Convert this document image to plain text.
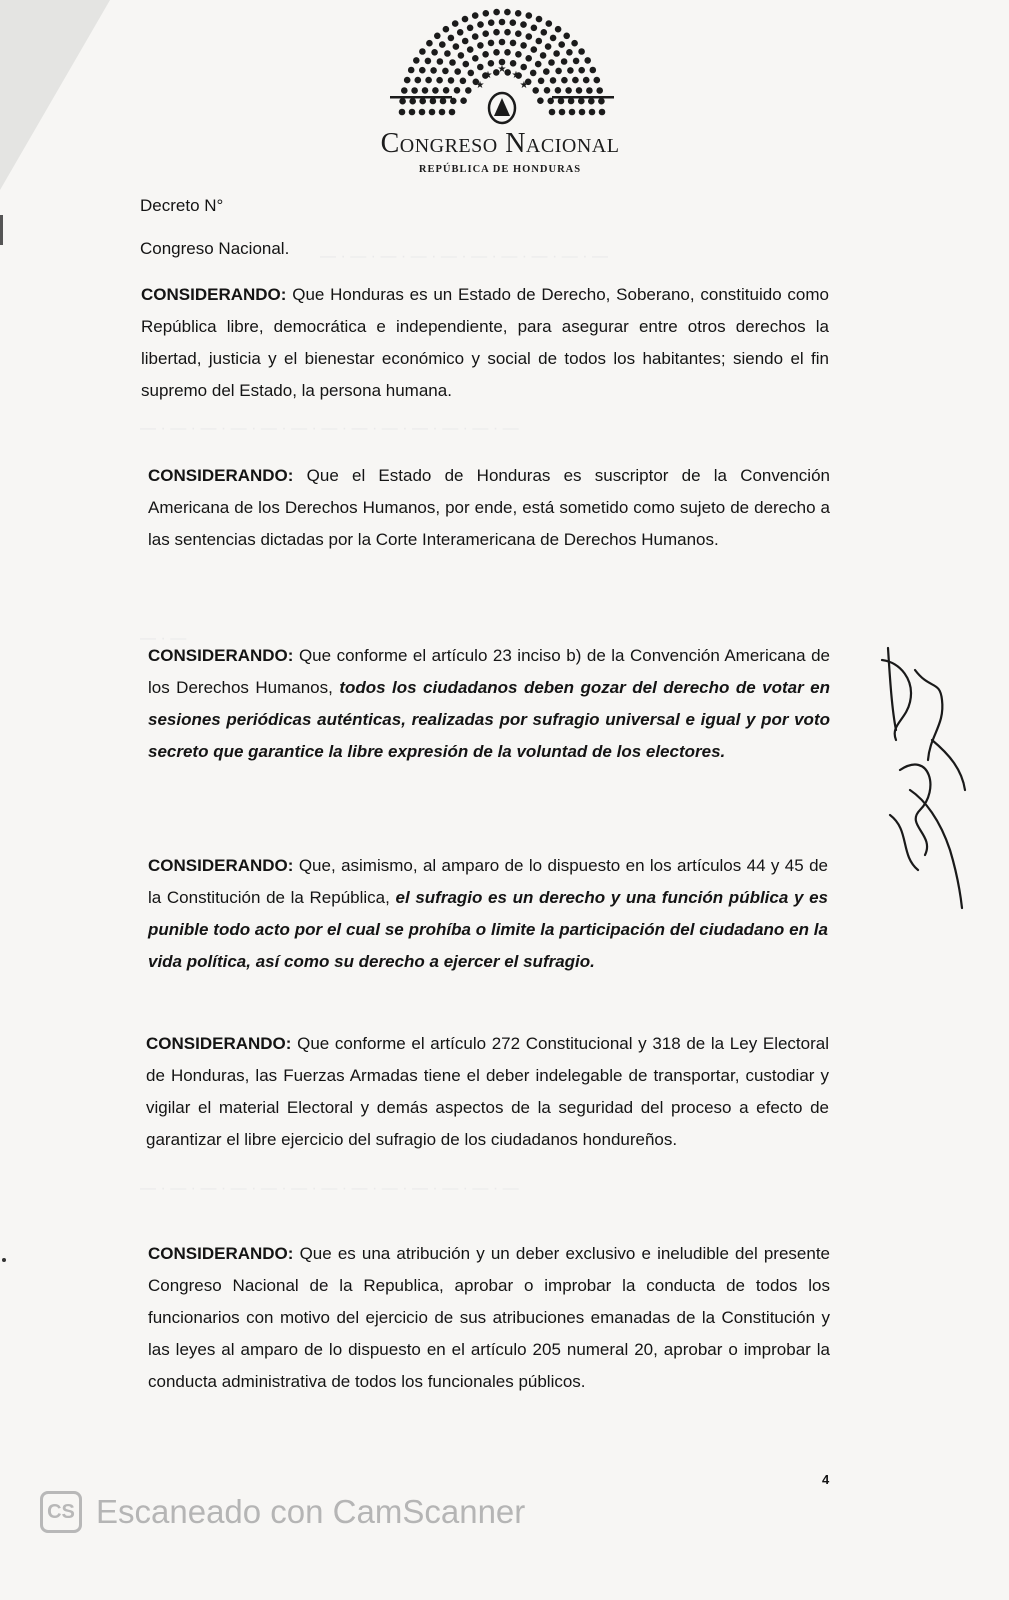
— · — · — · — · — · — · — · — · — · —
— · — · — · — · — · — · — · — · — · — · — · — · —
— · —
— · — · — · — · — · — · — · — · — · — · — · — · —
★
★
★
★	★
Congreso Nacional
REPÚBLICA DE HONDURAS
Decreto N°
Congreso Nacional.
CONSIDERANDO: Que Honduras es un Estado de Derecho, Soberano, constituido como República libre, democrática e independiente, para asegurar entre otros derechos la libertad, justicia y el bienestar económico y social de todos los habitantes; siendo el fin supremo del Estado, la persona humana.
CONSIDERANDO: Que el Estado de Honduras es suscriptor de la Convención Americana de los Derechos Humanos, por ende, está sometido como sujeto de derecho a las sentencias dictadas por la Corte Interamericana de Derechos Humanos.
CONSIDERANDO: Que conforme el artículo 23 inciso b) de la Convención Americana de los Derechos Humanos, todos los ciudadanos deben gozar del derecho de votar en sesiones periódicas auténticas, realizadas por sufragio universal e igual y por voto secreto que garantice la libre expresión de la voluntad de los electores.
CONSIDERANDO: Que, asimismo, al amparo de lo dispuesto en los artículos 44 y 45 de la Constitución de la República, el sufragio es un derecho y una función pública y es punible todo acto por el cual se prohíba o limite la participación del ciudadano en la vida política, así como su derecho a ejercer el sufragio.
CONSIDERANDO: Que conforme el artículo 272 Constitucional y 318 de la Ley Electoral de Honduras, las Fuerzas Armadas tiene el deber indelegable de transportar, custodiar y vigilar el material Electoral y demás aspectos de la seguridad del proceso a efecto de garantizar el libre ejercicio del sufragio de los ciudadanos hondureños.
CONSIDERANDO: Que es una atribución y un deber exclusivo e ineludible del presente Congreso Nacional de la Republica, aprobar o improbar la conducta de todos los funcionarios con motivo del ejercicio de sus atribuciones emanadas de la Constitución y las leyes al amparo de lo dispuesto en el artículo 205 numeral 20, aprobar o improbar la conducta administrativa de todos los funcionales públicos.
4
CS Escaneado con CamScanner
